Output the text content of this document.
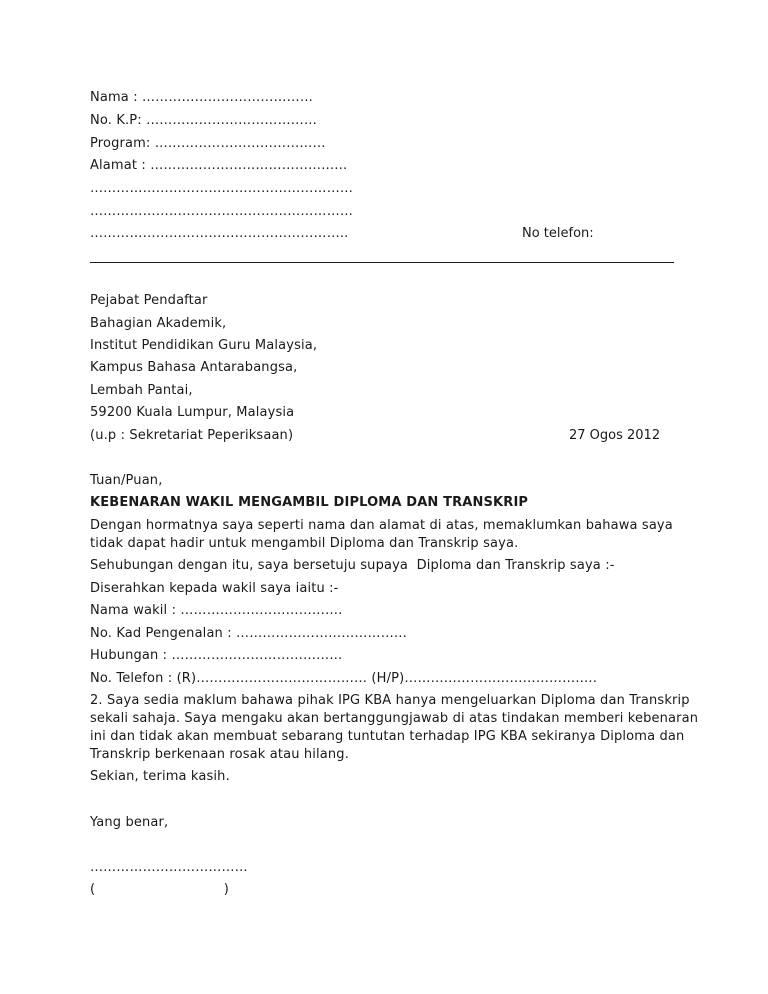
Nama : …………………………………
No. K.P: …………………………………
Program: …………………………………
Alamat : ………………………………………
……………………………………………………
……………………………………………………
…………………………………………………..	No telefon:
Pejabat Pendaftar
Bahagian Akademik,
Institut Pendidikan Guru Malaysia,
Kampus Bahasa Antarabangsa,
Lembah Pantai,
59200 Kuala Lumpur, Malaysia
(u.p : Sekretariat Peperiksaan)	27 Ogos 2012
Tuan/Puan,
KEBENARAN WAKIL MENGAMBIL DIPLOMA DAN TRANSKRIP
Dengan hormatnya saya seperti nama dan alamat di atas, memaklumkan bahawa saya
tidak dapat hadir untuk mengambil Diploma dan Transkrip saya.
Sehubungan dengan itu, saya bersetuju supaya  Diploma dan Transkrip saya :-
Diserahkan kepada wakil saya iaitu :-
Nama wakil : ……………………………….
No. Kad Pengenalan : …………………………………
Hubungan : …………………………………
No. Telefon : (R)………………………………… (H/P)……………………………………..
2. Saya sedia maklum bahawa pihak IPG KBA hanya mengeluarkan Diploma dan Transkrip
sekali sahaja. Saya mengaku akan bertanggungjawab di atas tindakan memberi kebenaran
ini dan tidak akan membuat sebarang tuntutan terhadap IPG KBA sekiranya Diploma dan
Transkrip berkenaan rosak atau hilang.
Sekian, terima kasih.
Yang benar,
………………………………
(                              )
